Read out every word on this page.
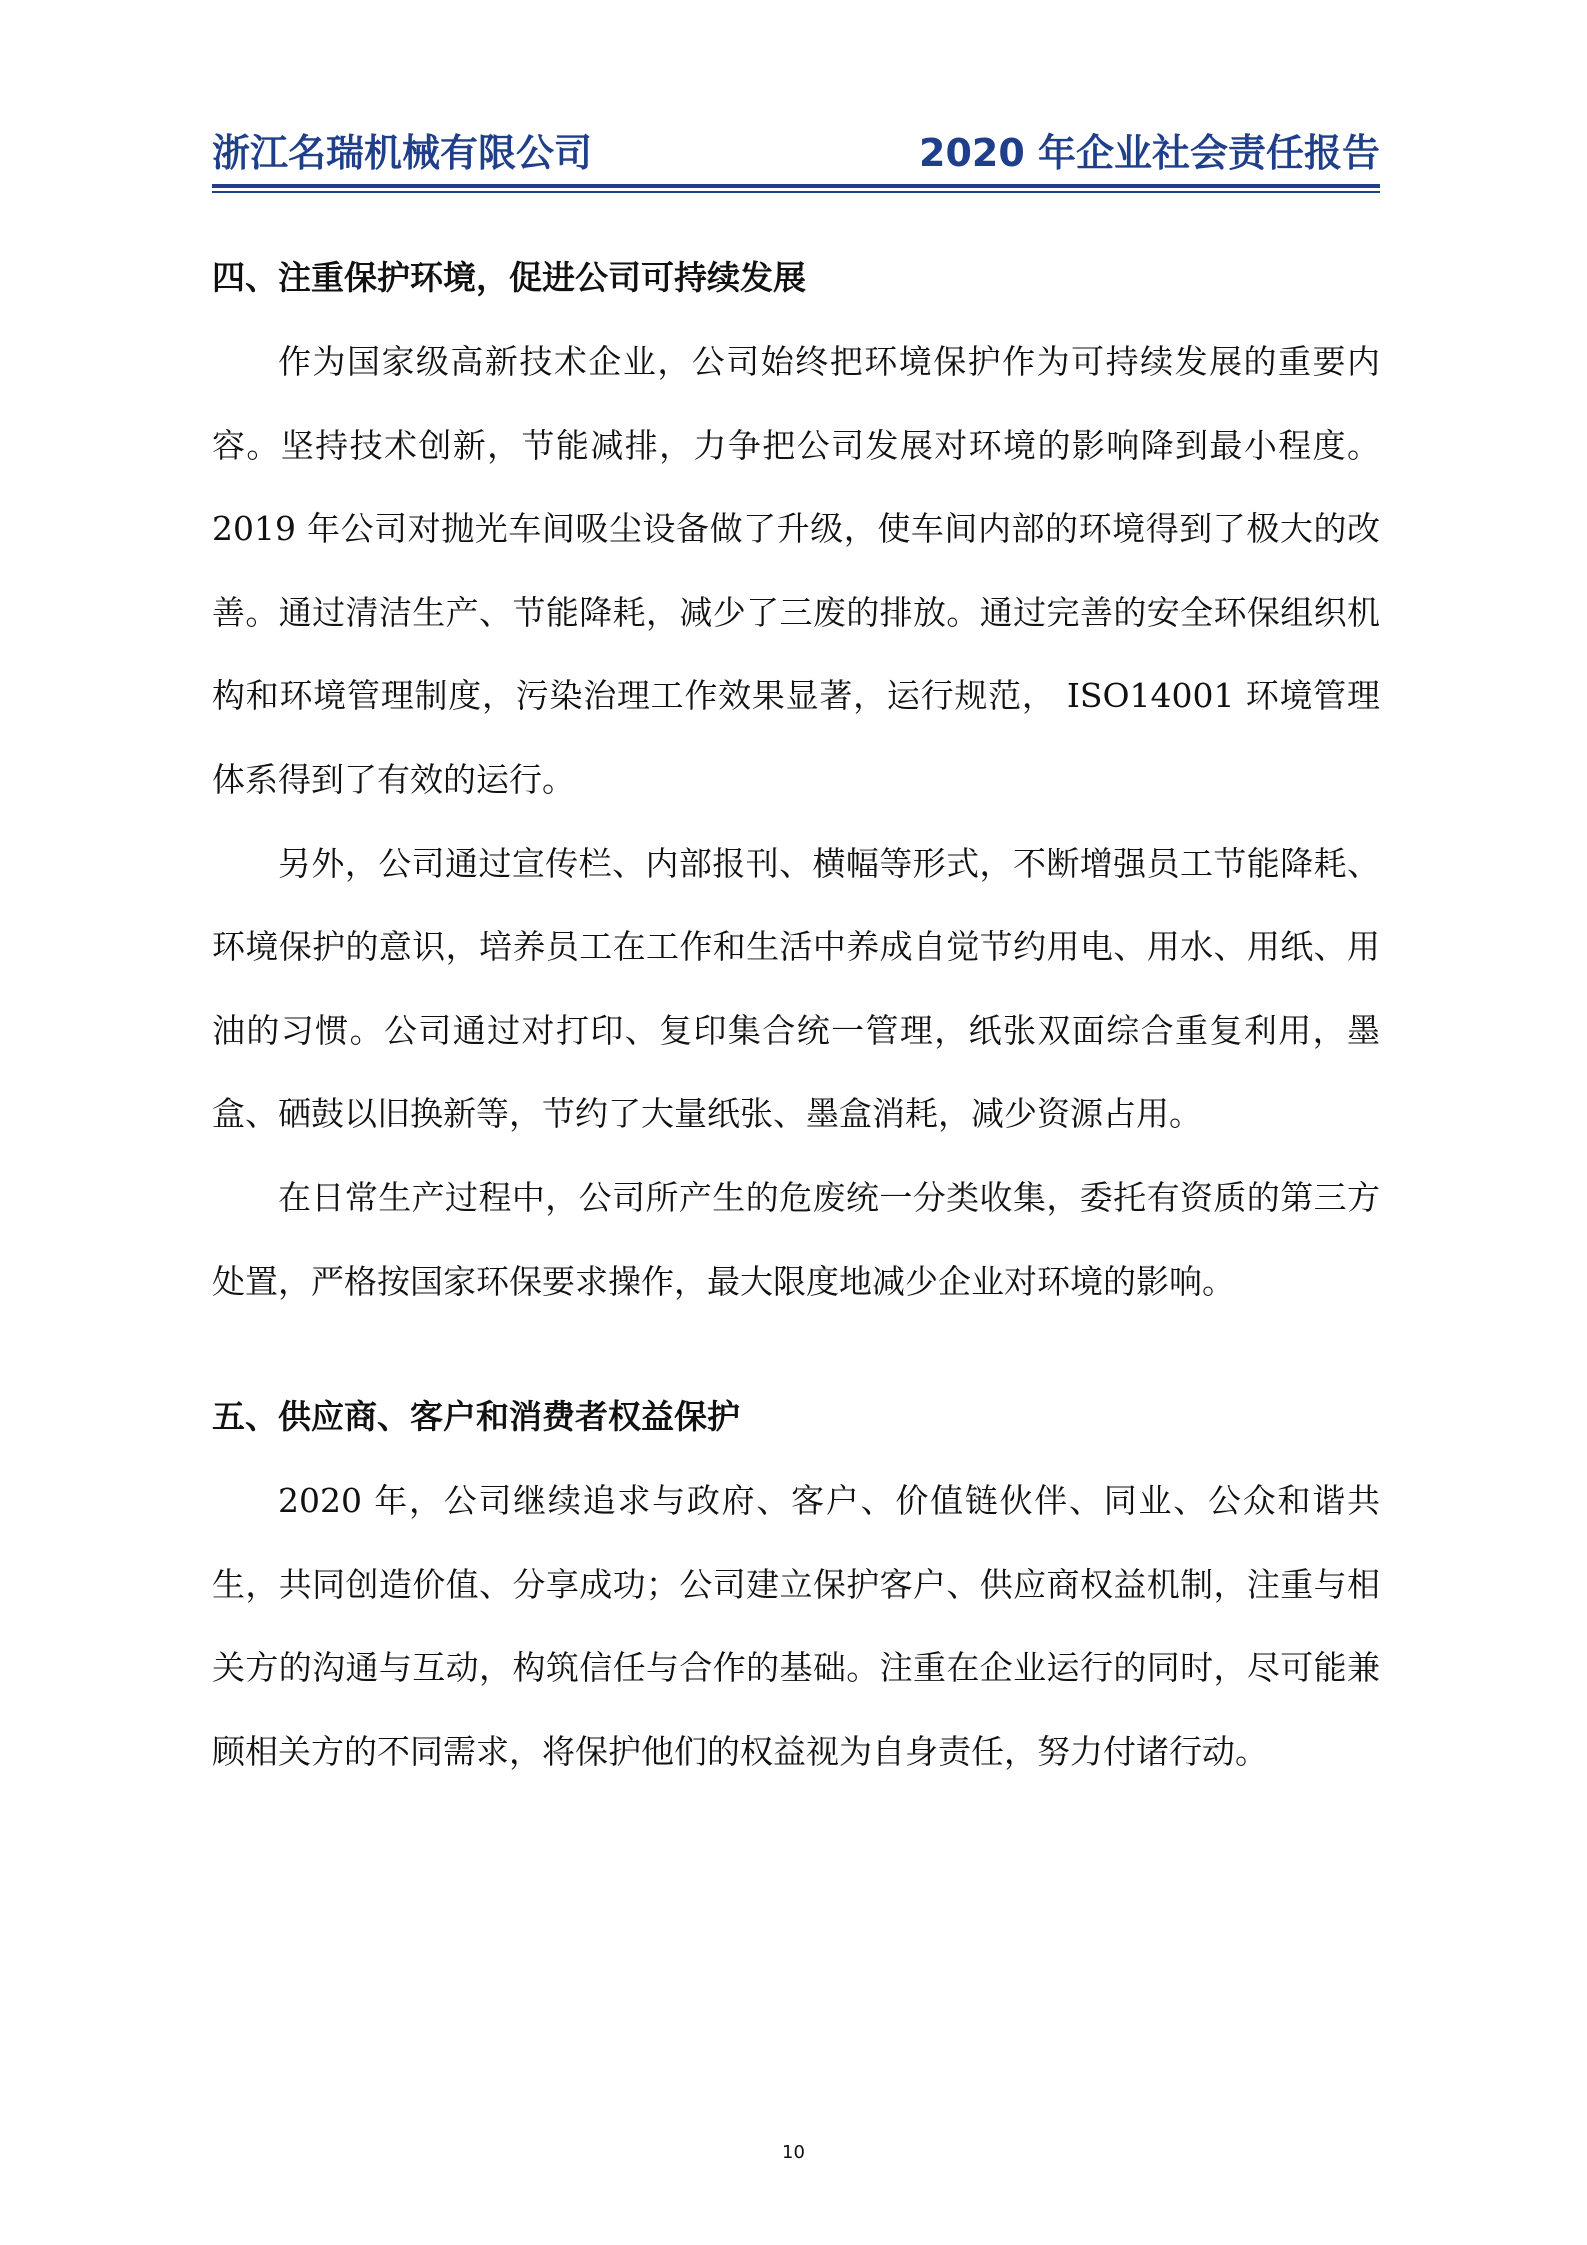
浙江名瑞机械有限公司	2020 年企业社会责任报告
四、注重保护环境，促进公司可持续发展

作为国家级高新技术企业，公司始终把环境保护作为可持续发展的重要内容。坚持技术创新，节能减排，力争把公司发展对环境的影响降到最小程度。2019 年公司对抛光车间吸尘设备做了升级，使车间内部的环境得到了极大的改善。通过清洁生产、节能降耗，减少了三废的排放。通过完善的安全环保组织机构和环境管理制度，污染治理工作效果显著，运行规范， ISO14001 环境管理体系得到了有效的运行。

另外，公司通过宣传栏、内部报刊、横幅等形式，不断增强员工节能降耗、环境保护的意识，培养员工在工作和生活中养成自觉节约用电、用水、用纸、用油的习惯。公司通过对打印、复印集合统一管理，纸张双面综合重复利用，墨盒、硒鼓以旧换新等，节约了大量纸张、墨盒消耗，减少资源占用。

在日常生产过程中，公司所产生的危废统一分类收集，委托有资质的第三方处置，严格按国家环保要求操作，最大限度地减少企业对环境的影响。

五、供应商、客户和消费者权益保护

2020 年，公司继续追求与政府、客户、价值链伙伴、同业、公众和谐共生，共同创造价值、分享成功；公司建立保护客户、供应商权益机制，注重与相关方的沟通与互动，构筑信任与合作的基础。注重在企业运行的同时，尽可能兼顾相关方的不同需求，将保护他们的权益视为自身责任，努力付诸行动。

10
